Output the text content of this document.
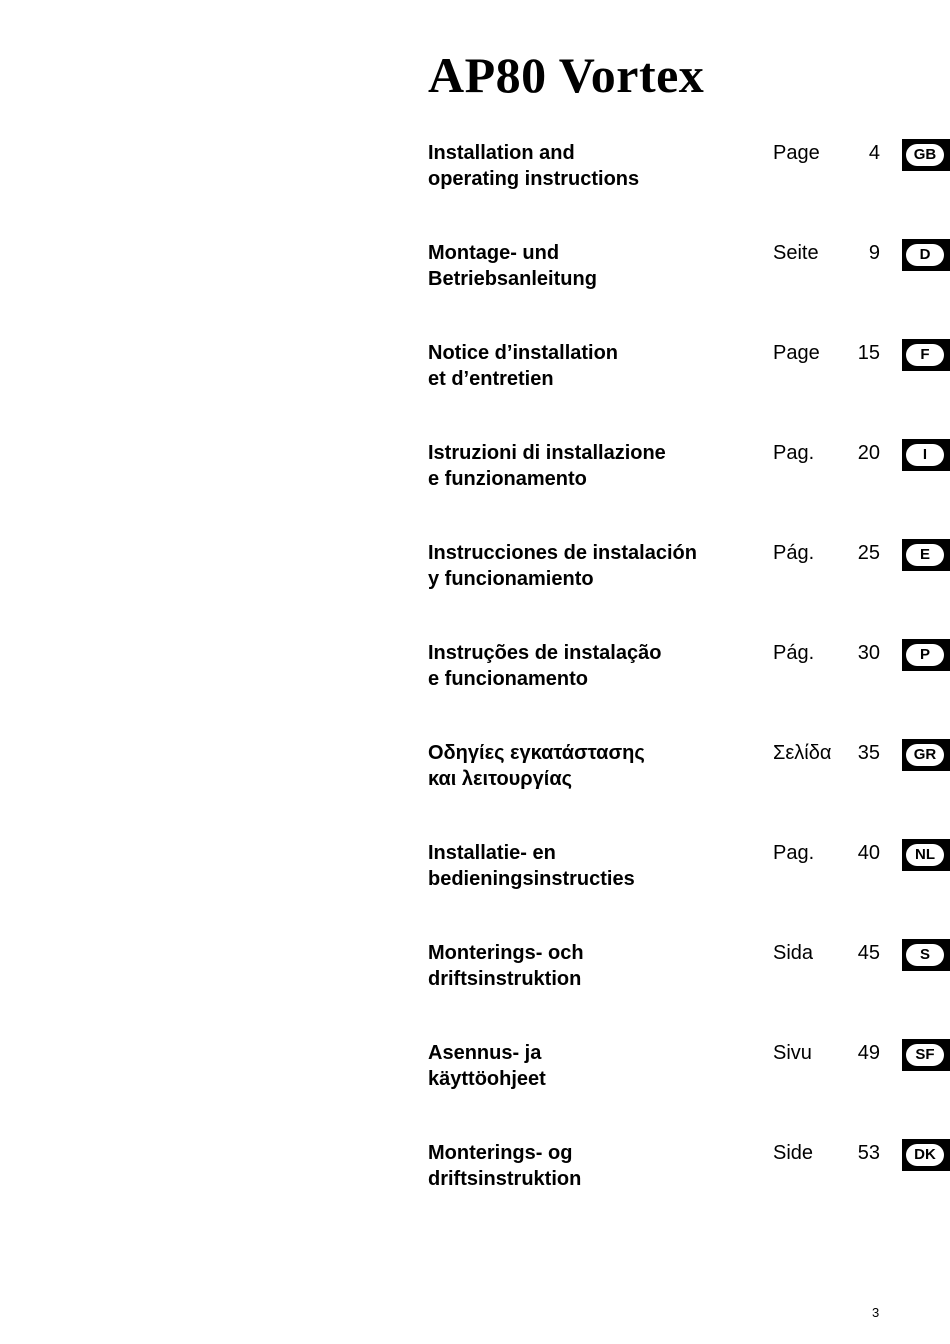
AP80 Vortex
Installation and
operating instructions
Page	4	GB
Montage- und
Betriebsanleitung
Seite	9	D
Notice d’installation
et d’entretien
Page	15	F
Istruzioni di installazione
e funzionamento
Pag.	20	I
Instrucciones de instalación
y funcionamiento
Pág.	25	E
Instruções de instalação
e funcionamento
Pág.	30	P
Οδηγίες εγκατάστασης
και λειτουργίας
Σελίδα	35	GR
Installatie- en
bedieningsinstructies
Pag.	40	NL
Monterings- och
driftsinstruktion
Sida	45	S
Asennus- ja
käyttöohjeet
Sivu	49	SF
Monterings- og
driftsinstruktion
Side	53	DK
3
